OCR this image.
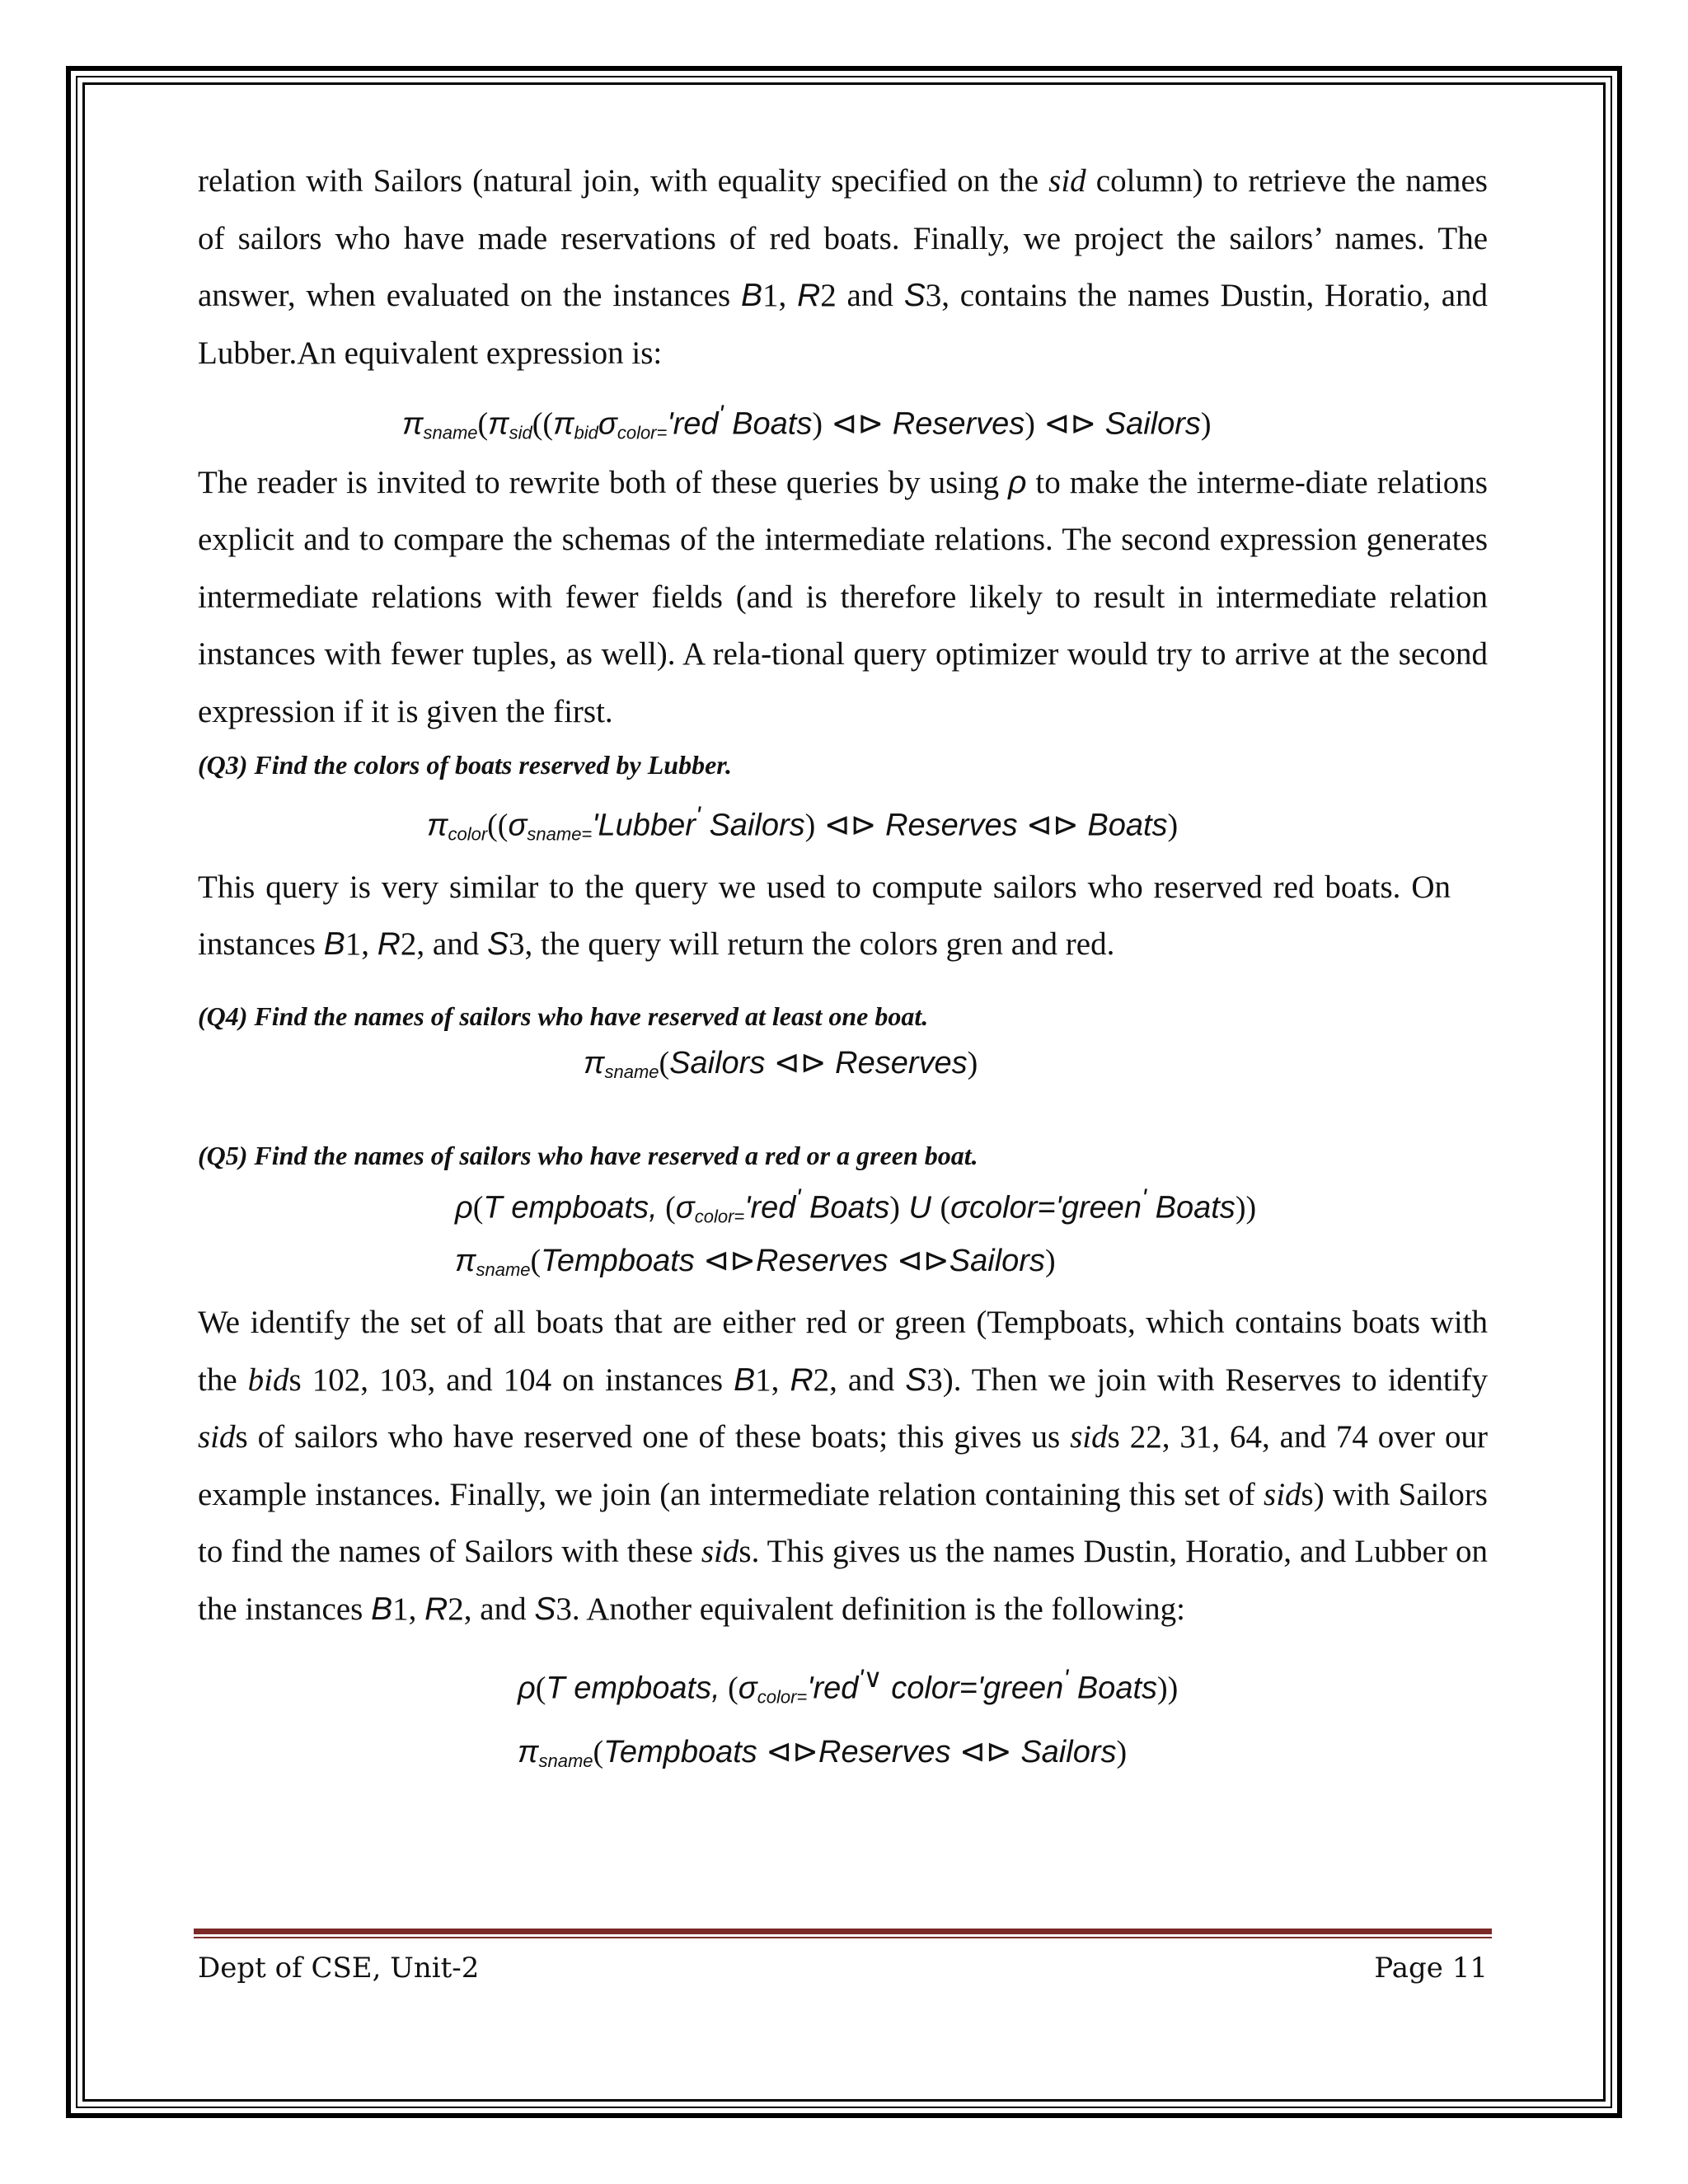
relation with Sailors (natural join, with equality specified on the sid column) to retrieve the names of sailors who have made reservations of red boats. Finally, we project the sailors’ names. The answer, when evaluated on the instances B1, R2 and S3, contains the names Dustin, Horatio, and Lubber.An equivalent expression is:

$\pi_{sname}(\pi_{sid}((\pi_{bid}\sigma_{color=}'red'$ Boats) ⊲⊳ Reserves) ⊲⊳ Sailors)

The reader is invited to rewrite both of these queries by using ρ to make the interme-diate relations explicit and to compare the schemas of the intermediate relations. The second expression generates intermediate relations with fewer fields (and is therefore likely to result in intermediate relation instances with fewer tuples, as well). A rela-tional query optimizer would try to arrive at the second expression if it is given the first.

(Q3) Find the colors of boats reserved by Lubber.

$\pi_{color}((\sigma_{sname=}'Lubber'$ Sailors) ⊲⊳ Reserves ⊲⊳ Boats)

This query is very similar to the query we used to compute sailors who reserved red boats. On instances B1, R2, and S3, the query will return the colors gren and red.

(Q4) Find the names of sailors who have reserved at least one boat.

$\pi_{sname}(Sailors$ ⊲⊳ Reserves)

(Q5) Find the names of sailors who have reserved a red or a green boat.

ρ(T empboats, ($\sigma_{color=}'red'$ Boats) U (σcolor='green' Boats))

$\pi_{sname}(Tempboats$ ⊲⊳Reserves ⊲⊳Sailors)

We identify the set of all boats that are either red or green (Tempboats, which contains boats with the bids 102, 103, and 104 on instances B1, R2, and S3). Then we join with Reserves to identify sids of sailors who have reserved one of these boats; this gives us sids 22, 31, 64, and 74 over our example instances. Finally, we join (an intermediate relation containing this set of sids) with Sailors to find the names of Sailors with these sids. This gives us the names Dustin, Horatio, and Lubber on the instances B1, R2, and S3. Another equivalent definition is the following:

ρ(T empboats, ($\sigma_{color=}'red^{'\vee}$ color='green' Boats))

$\pi_{sname}(Tempboats$ ⊲⊳Reserves ⊲⊳ Sailors)

Dept of CSE, Unit-2	Page 11
